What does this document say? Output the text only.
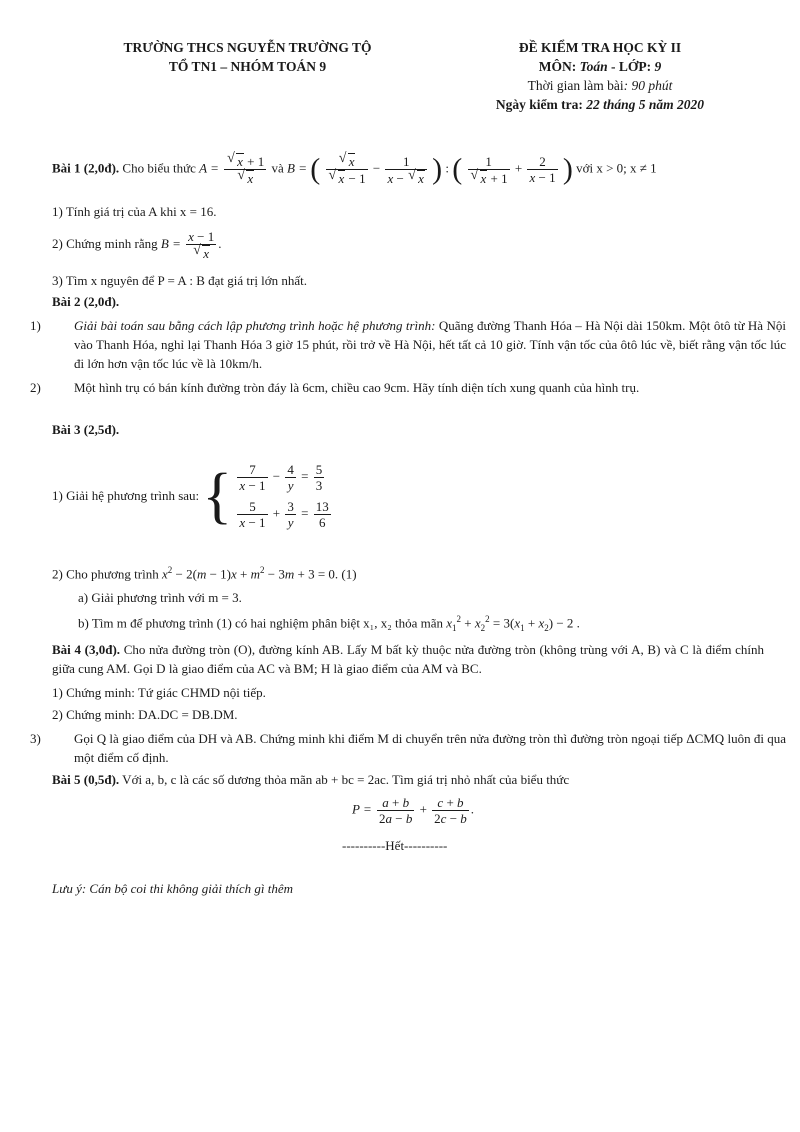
TRƯỜNG THCS NGUYỄN TRƯỜNG TỘ
TỔ TN1 – NHÓM TOÁN 9
ĐỀ KIỂM TRA HỌC KỲ II
MÔN: Toán - LỚP: 9
Thời gian làm bài: 90 phút
Ngày kiểm tra: 22 tháng 5 năm 2020
Bài 1 (2,0đ). Cho biểu thức A = √ x + 1
√ x và B = ( √ x
√ $x - 1 - \frac{1}{x - √ x}$ ) : ( 1
√ $x + 1 + \frac{2}{x - 1}$ ) với x > 0; x ≠ 1
1) Tính giá trị của A khi x = 16.
2) Chứng minh rằng B = x − 1
√ x .
3) Tìm x nguyên để P = A : B đạt giá trị lớn nhất.
Bài 2 (2,0đ).
1)	Giải bài toán sau bằng cách lập phương trình hoặc hệ phương trình: Quãng đường Thanh Hóa – Hà Nội dài 150km. Một ôtô từ Hà Nội vào Thanh Hóa, nghỉ lại Thanh Hóa 3 giờ 15 phút, rồi trở về Hà Nội, hết tất cả 10 giờ. Tính vận tốc của ôtô lúc về, biết rằng vận tốc lúc đi lớn hơn vận tốc lúc về là 10km/h.
2)	Một hình trụ có bán kính đường tròn đáy là 6cm, chiều cao 9cm. Hãy tính diện tích xung quanh của hình trụ.
Bài 3 (2,5đ).
1) Giải hệ phương trình sau: { $\frac{7}{x - 1} - \frac{4}{y} = \frac{5}{3}$
$\frac{5}{x - 1} + \frac{3}{y} = \frac{13}{6}$
2) Cho phương trình $x^2 - 2(m - 1)x + m^2 - 3m + 3 = 0$. (1)
a) Giải phương trình với m = 3.
b) Tìm m để phương trình (1) có hai nghiệm phân biệt x₁, x₂ thỏa mãn $x_1^2 + x_2^2 = 3(x_1 + x_2) - 2$ .
Bài 4 (3,0đ). Cho nửa đường tròn (O), đường kính AB. Lấy M bất kỳ thuộc nửa đường tròn (không trùng với A, B) và C là điểm chính giữa cung AM. Gọi D là giao điểm của AC và BM; H là giao điểm của AM và BC.
1) Chứng minh: Tứ giác CHMD nội tiếp.
2) Chứng minh: DA.DC = DB.DM.
3)	Gọi Q là giao điểm của DH và AB. Chứng minh khi điểm M di chuyển trên nửa đường tròn thì đường tròn ngoại tiếp ΔCMQ luôn đi qua một điểm cố định.
Bài 5 (0,5đ). Với a, b, c là các số dương thỏa mãn ab + bc = 2ac. Tìm giá trị nhỏ nhất của biểu thức
$P = \frac{a + b}{2a - b} + \frac{c + b}{2c - b}$ .
----------Hết----------
Lưu ý: Cán bộ coi thi không giải thích gì thêm
